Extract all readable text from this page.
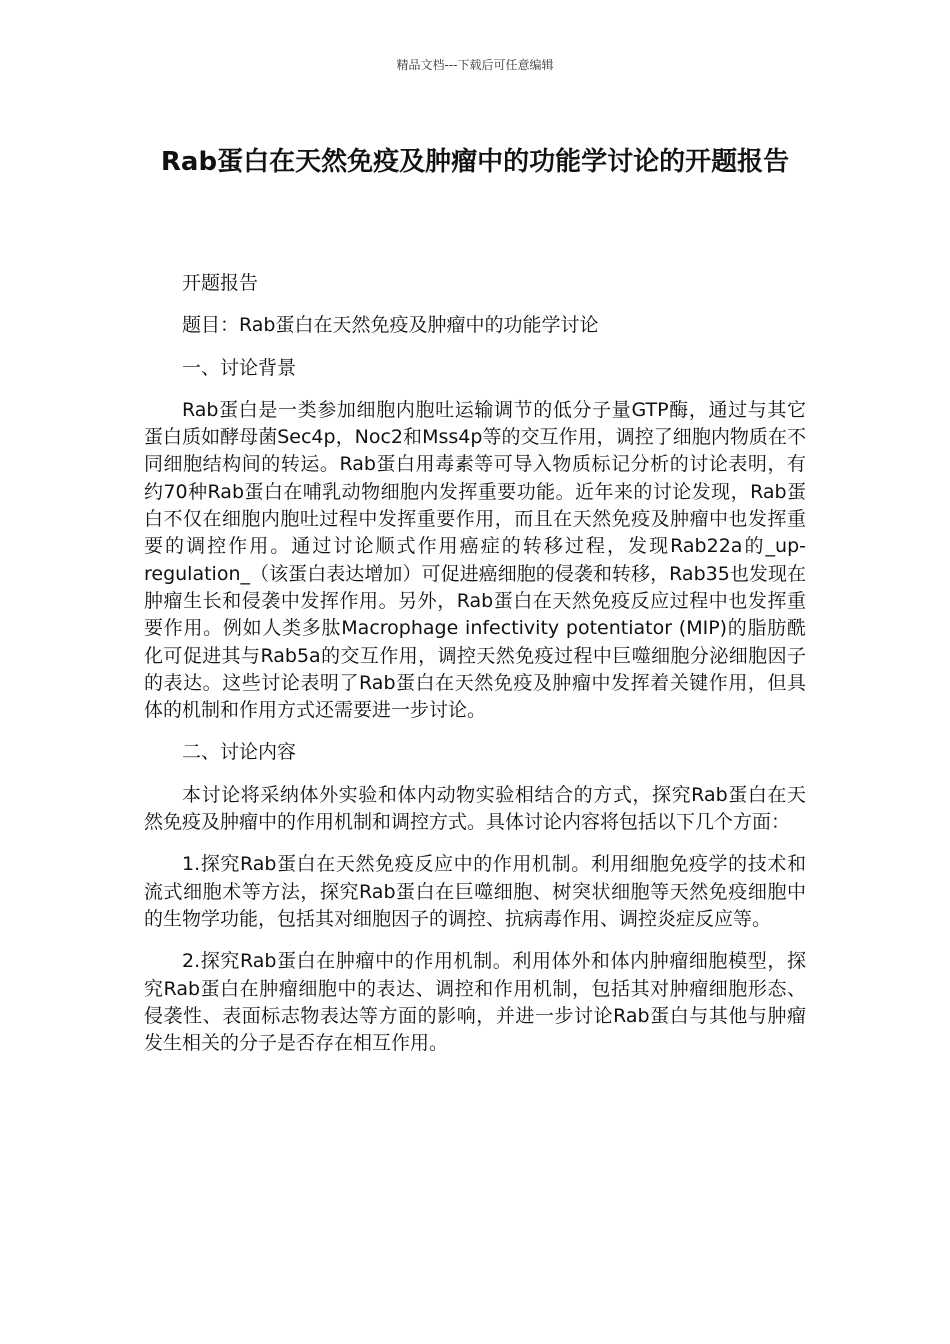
精品文档---下载后可任意编辑
Rab蛋白在天然免疫及肿瘤中的功能学讨论的开题报告

开题报告

题目：Rab蛋白在天然免疫及肿瘤中的功能学讨论

一、讨论背景

Rab蛋白是一类参加细胞内胞吐运输调节的低分子量GTP酶，通过与其它蛋白质如酵母菌Sec4p，Noc2和Mss4p等的交互作用，调控了细胞内物质在不同细胞结构间的转运。Rab蛋白用毒素等可导入物质标记分析的讨论表明，有约70种Rab蛋白在哺乳动物细胞内发挥重要功能。近年来的讨论发现，Rab蛋白不仅在细胞内胞吐过程中发挥重要作用，而且在天然免疫及肿瘤中也发挥重要的调控作用。通过讨论顺式作用癌症的转移过程，发现Rab22a的_up-regulation_（该蛋白表达增加）可促进癌细胞的侵袭和转移，Rab35也发现在肿瘤生长和侵袭中发挥作用。另外，Rab蛋白在天然免疫反应过程中也发挥重要作用。例如人类多肽Macrophage infectivity potentiator (MIP)的脂肪酰化可促进其与Rab5a的交互作用，调控天然免疫过程中巨噬细胞分泌细胞因子的表达。这些讨论表明了Rab蛋白在天然免疫及肿瘤中发挥着关键作用，但具体的机制和作用方式还需要进一步讨论。

二、讨论内容

本讨论将采纳体外实验和体内动物实验相结合的方式，探究Rab蛋白在天然免疫及肿瘤中的作用机制和调控方式。具体讨论内容将包括以下几个方面：

1.探究Rab蛋白在天然免疫反应中的作用机制。利用细胞免疫学的技术和流式细胞术等方法，探究Rab蛋白在巨噬细胞、树突状细胞等天然免疫细胞中的生物学功能，包括其对细胞因子的调控、抗病毒作用、调控炎症反应等。

2.探究Rab蛋白在肿瘤中的作用机制。利用体外和体内肿瘤细胞模型，探究Rab蛋白在肿瘤细胞中的表达、调控和作用机制，包括其对肿瘤细胞形态、侵袭性、表面标志物表达等方面的影响，并进一步讨论Rab蛋白与其他与肿瘤发生相关的分子是否存在相互作用。
